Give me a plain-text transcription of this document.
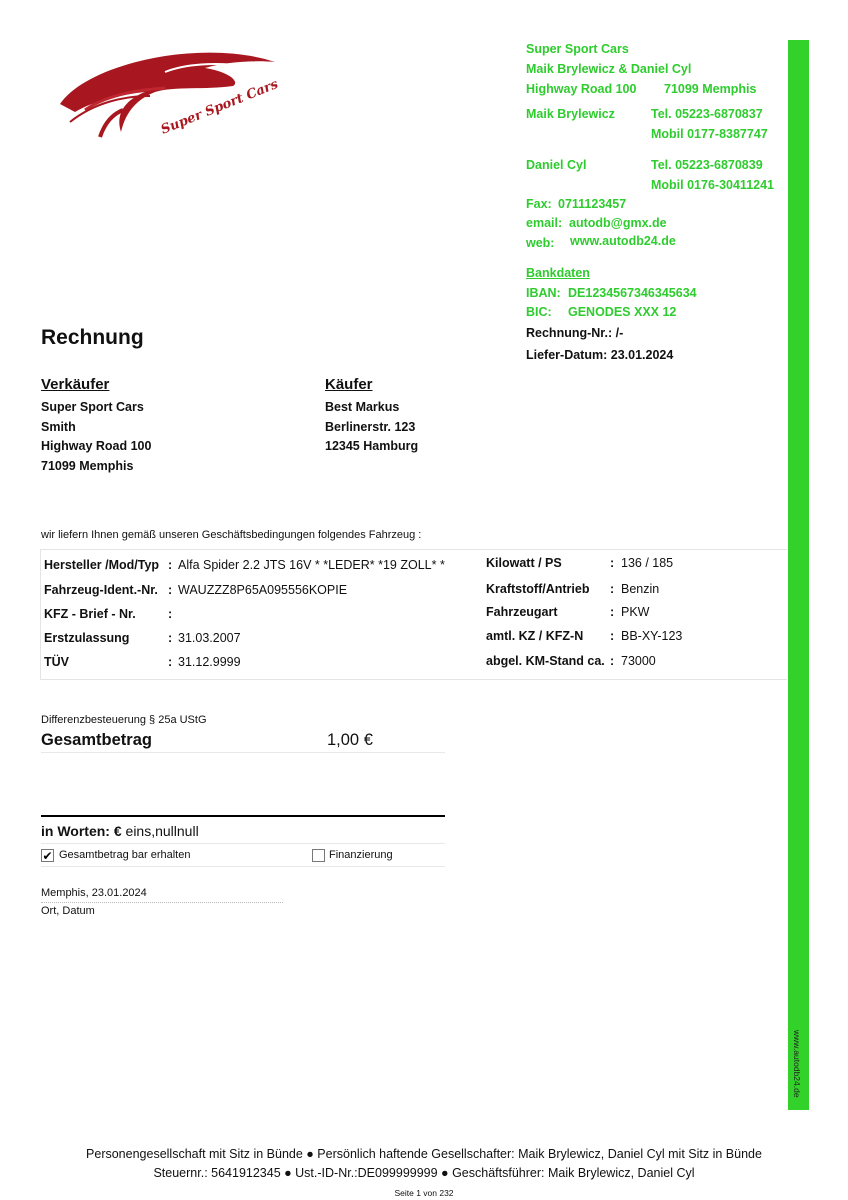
Super Sport Cars
Super Sport Cars
Maik Brylewicz & Daniel Cyl
Highway Road 100 71099 Memphis
Maik Brylewicz	Tel. 05223-6870837
Mobil 0177-8387747
Daniel Cyl	Tel. 05223-6870839
Mobil 0176-30411241
Fax: 0711123457
email: autodb@gmx.de
web: www.autodb24.de
Bankdaten
IBAN: DE1234567346345634
BIC: GENODES XXX 12
Rechnung-Nr.: /-
Liefer-Datum: 23.01.2024
Rechnung
Verkäufer
Super Sport Cars
Smith
Highway Road 100
71099 Memphis
Käufer
Best Markus
Berlinerstr. 123
12345 Hamburg
wir liefern Ihnen gemäß unseren Geschäftsbedingungen folgendes Fahrzeug :
Hersteller /Mod/Typ : Alfa Spider 2.2 JTS 16V * *LEDER* *19 ZOLL* *
Fahrzeug-Ident.-Nr. : WAUZZZ8P65A095556KOPIE
KFZ - Brief - Nr.	:
Erstzulassung	: 31.03.2007
TÜV	: 31.12.9999
Kilowatt / PS	: 136 / 185
Kraftstoff/Antrieb : Benzin
Fahrzeugart	: PKW
amtl. KZ / KFZ-N : BB-XY-123
abgel. KM-Stand ca. : 73000
Differenzbesteuerung § 25a UStG
Gesamtbetrag	1,00 €
in Worten: € eins,nullnull
✔ Gesamtbetrag bar erhalten	Finanzierung
Memphis, 23.01.2024
Ort, Datum
www.autodb24.de
Personengesellschaft mit Sitz in Bünde ● Persönlich haftende Gesellschafter: Maik Brylewicz, Daniel Cyl mit Sitz in Bünde
Steuernr.: 5641912345 ● Ust.-ID-Nr.:DE099999999 ● Geschäftsführer: Maik Brylewicz, Daniel Cyl
Seite 1 von 232
